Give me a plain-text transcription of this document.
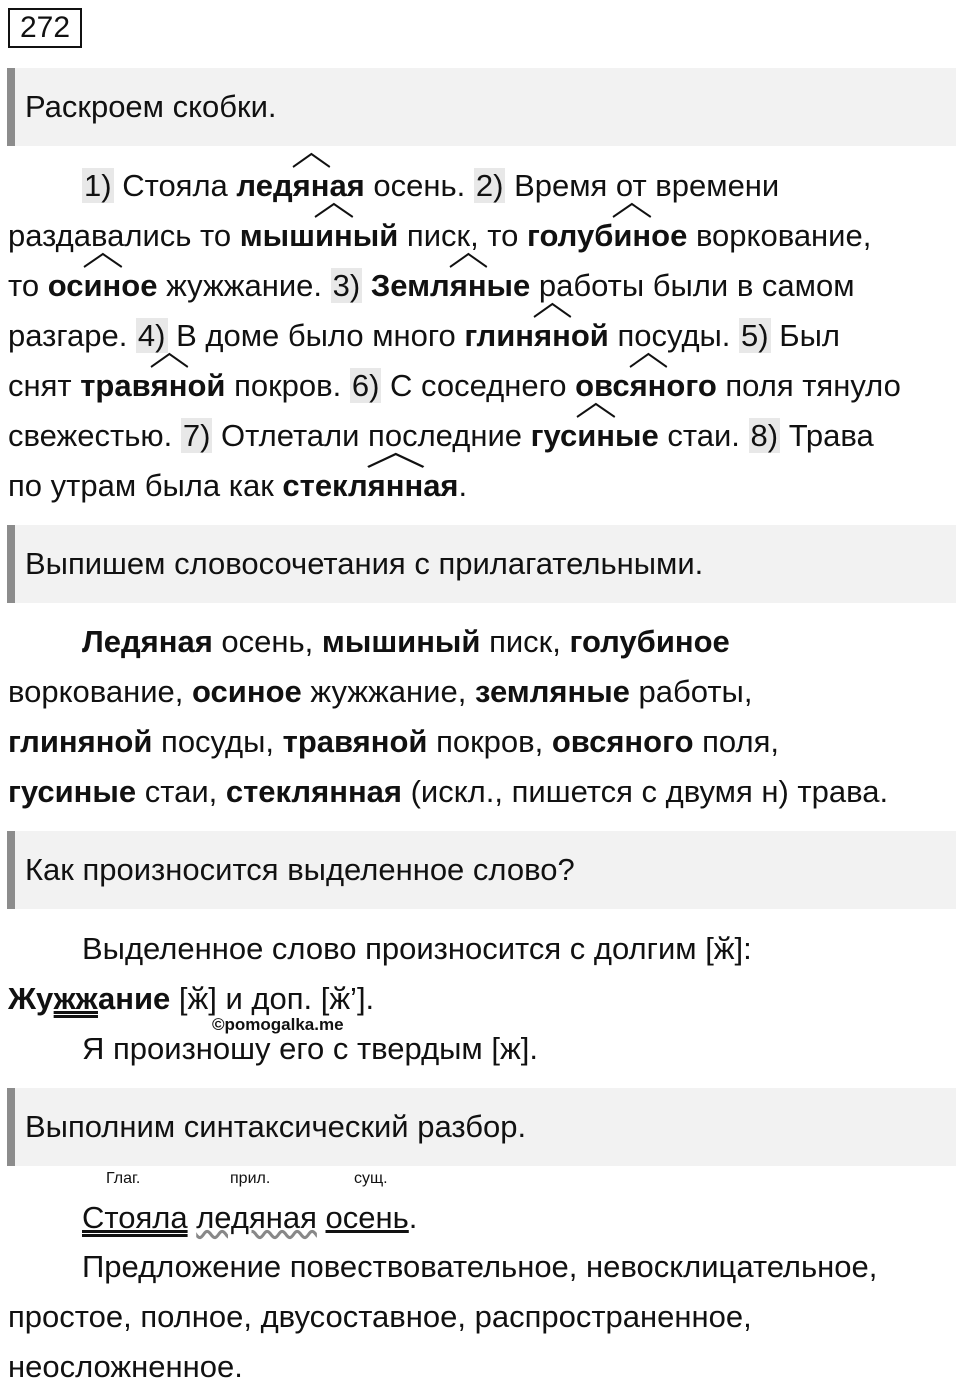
272
Раскроем скобки.
1) Стояла лед
яная осень. 2) Время от времени
раздавались то мыш
иный писк, то голуб
иное воркование,
то ос
иное жужжание. 3) Земл
яные работы были в самом
разгаре. 4) В доме было много глин
яной посуды. 5) Был
снят трав
яной покров. 6) С соседнего овс
яного поля тянуло
свежестью. 7) Отлетали последние гус
иные стаи. 8) Трава
по утрам была как стекл
янная.
Выпишем словосочетания с прилагательными.
Ледяная осень, мышиный писк, голубиное
воркование, осиное жужжание, земляные работы,
глиняной посуды, травяной покров, овсяного поля,
гусиные стаи, стеклянная (искл., пишется с двумя н) трава.
Как произносится выделенное слово?
Выделенное слово произносится с долгим [ӂ]:
Жужжание [ӂ] и доп. [ӂ’].
©pomogalka.me
Я произношу его с твердым [ж].
Выполним синтаксический разбор.
Глаг.	прил.	сущ.
Стояла ледяная осень.
Предложение повествовательное, невосклицательное,
простое, полное, двусоставное, распространенное,
неосложненное.
